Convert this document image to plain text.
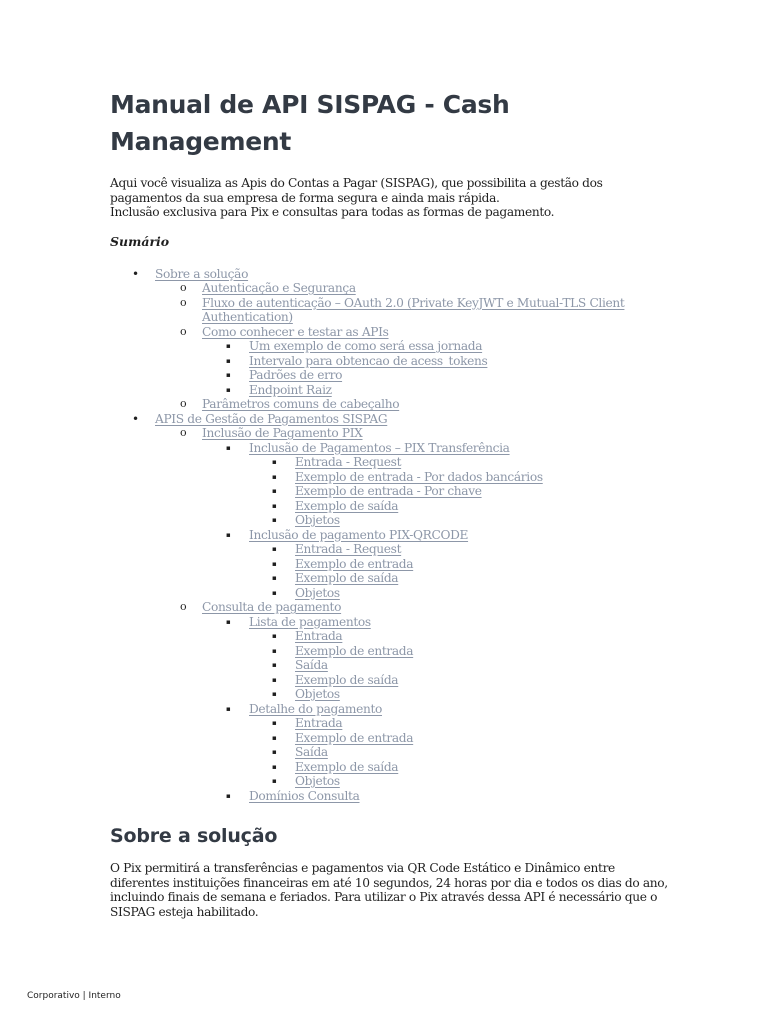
Manual de API SISPAG - Cash Management

Aqui você visualiza as Apis do Contas a Pagar (SISPAG), que possibilita a gestão dos pagamentos da sua empresa de forma segura e ainda mais rápida.

Inclusão exclusiva para Pix e consultas para todas as formas de pagamento.

Sumário
• Sobre a solução
o Autenticação e Segurança
o Fluxo de autenticação – OAuth 2.0 (Private KeyJWT e Mutual-TLS Client Authentication)
o Como conhecer e testar as APIs
▪ Um exemplo de como será essa jornada
▪ Intervalo para obtencao de acess_tokens
▪ Padrões de erro
▪ Endpoint Raiz
o Parâmetros comuns de cabeçalho
• APIS de Gestão de Pagamentos SISPAG
o Inclusão de Pagamento PIX
▪ Inclusão de Pagamentos – PIX Transferência
▪ Entrada - Request
▪ Exemplo de entrada - Por dados bancários
▪ Exemplo de entrada - Por chave
▪ Exemplo de saída
▪ Objetos
▪ Inclusão de pagamento PIX-QRCODE
▪ Entrada - Request
▪ Exemplo de entrada
▪ Exemplo de saída
▪ Objetos
o Consulta de pagamento
▪ Lista de pagamentos
▪ Entrada
▪ Exemplo de entrada
▪ Saída
▪ Exemplo de saída
▪ Objetos
▪ Detalhe do pagamento
▪ Entrada
▪ Exemplo de entrada
▪ Saída
▪ Exemplo de saída
▪ Objetos
▪ Domínios Consulta
Sobre a solução

O Pix permitirá a transferências e pagamentos via QR Code Estático e Dinâmico entre diferentes instituições financeiras em até 10 segundos, 24 horas por dia e todos os dias do ano, incluindo finais de semana e feriados. Para utilizar o Pix através dessa API é necessário que o SISPAG esteja habilitado.

Corporativo | Interno
